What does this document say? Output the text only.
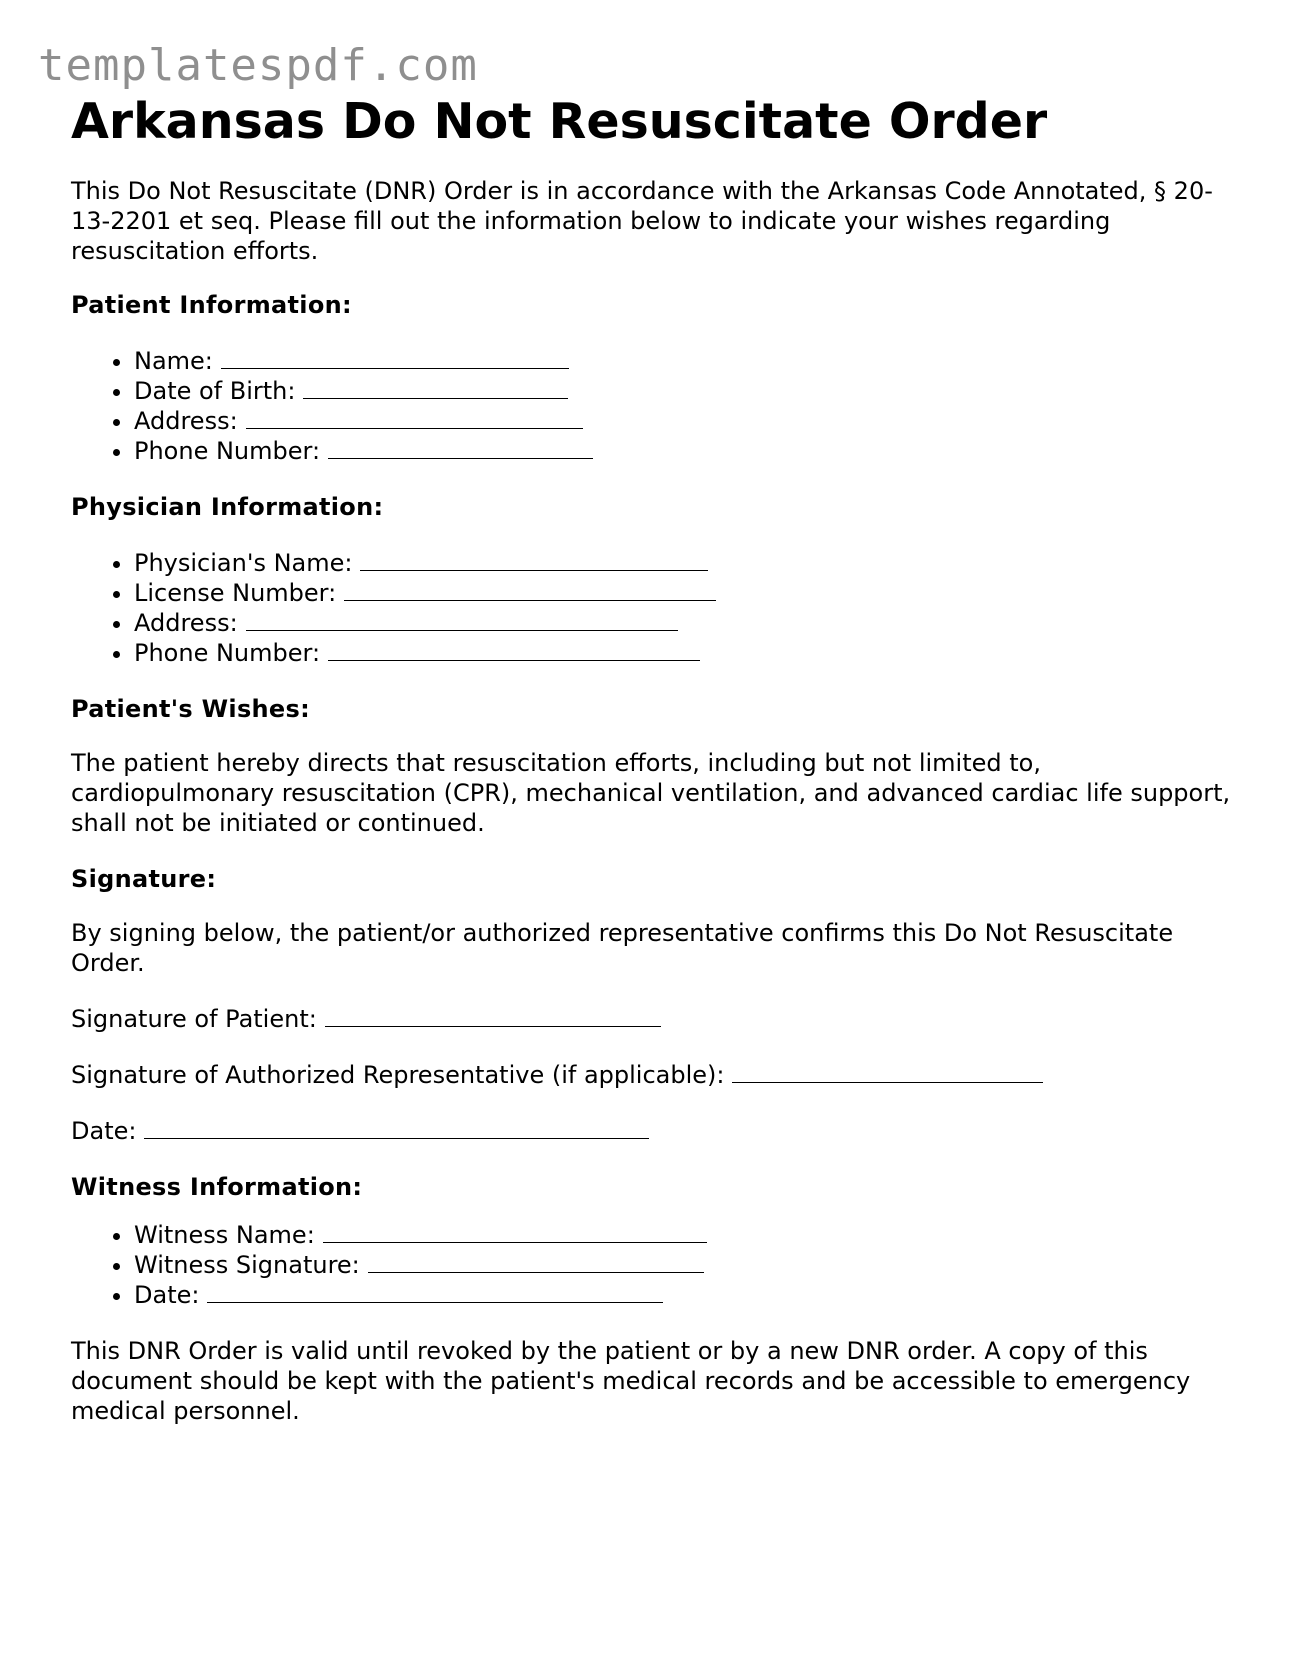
templatespdf.com
Arkansas Do Not Resuscitate Order

This Do Not Resuscitate (DNR) Order is in accordance with the Arkansas Code Annotated, § 20-13-2201 et seq. Please fill out the information below to indicate your wishes regarding resuscitation efforts.

Patient Information:
• Name:
• Date of Birth:
• Address:
• Phone Number:
Physician Information:
• Physician's Name:
• License Number:
• Address:
• Phone Number:
Patient's Wishes:

The patient hereby directs that resuscitation efforts, including but not limited to, cardiopulmonary resuscitation (CPR), mechanical ventilation, and advanced cardiac life support, shall not be initiated or continued.

Signature:

By signing below, the patient/or authorized representative confirms this Do Not Resuscitate Order.

Signature of Patient:
Signature of Authorized Representative (if applicable):
Date:
Witness Information:
• Witness Name:
• Witness Signature:
• Date:

This DNR Order is valid until revoked by the patient or by a new DNR order. A copy of this document should be kept with the patient's medical records and be accessible to emergency medical personnel.
